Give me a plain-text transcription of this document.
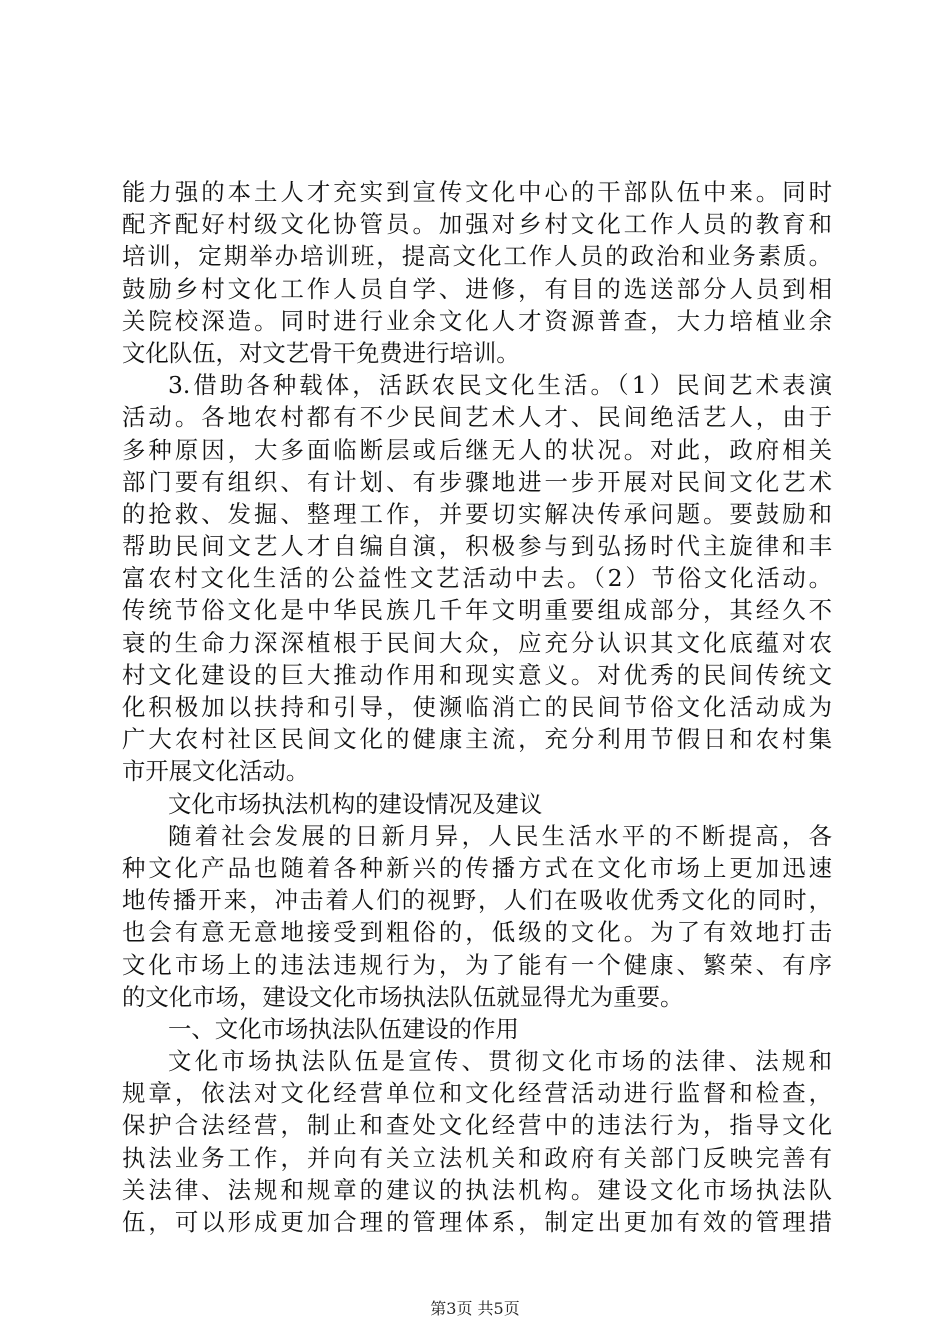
能力强的本土人才充实到宣传文化中心的干部队伍中来。同时
配齐配好村级文化协管员。加强对乡村文化工作人员的教育和
培训，定期举办培训班，提高文化工作人员的政治和业务素质。
鼓励乡村文化工作人员自学、进修，有目的选送部分人员到相
关院校深造。同时进行业余文化人才资源普查，大力培植业余
文化队伍，对文艺骨干免费进行培训。
3.借助各种载体，活跃农民文化生活。（1）民间艺术表演
活动。各地农村都有不少民间艺术人才、民间绝活艺人，由于
多种原因，大多面临断层或后继无人的状况。对此，政府相关
部门要有组织、有计划、有步骤地进一步开展对民间文化艺术
的抢救、发掘、整理工作，并要切实解决传承问题。要鼓励和
帮助民间文艺人才自编自演，积极参与到弘扬时代主旋律和丰
富农村文化生活的公益性文艺活动中去。（2）节俗文化活动。
传统节俗文化是中华民族几千年文明重要组成部分，其经久不
衰的生命力深深植根于民间大众，应充分认识其文化底蕴对农
村文化建设的巨大推动作用和现实意义。对优秀的民间传统文
化积极加以扶持和引导，使濒临消亡的民间节俗文化活动成为
广大农村社区民间文化的健康主流，充分利用节假日和农村集
市开展文化活动。
文化市场执法机构的建设情况及建议
随着社会发展的日新月异，人民生活水平的不断提高，各
种文化产品也随着各种新兴的传播方式在文化市场上更加迅速
地传播开来，冲击着人们的视野，人们在吸收优秀文化的同时，
也会有意无意地接受到粗俗的，低级的文化。为了有效地打击
文化市场上的违法违规行为，为了能有一个健康、繁荣、有序
的文化市场，建设文化市场执法队伍就显得尤为重要。
一、文化市场执法队伍建设的作用
文化市场执法队伍是宣传、贯彻文化市场的法律、法规和
规章，依法对文化经营单位和文化经营活动进行监督和检查，
保护合法经营，制止和查处文化经营中的违法行为，指导文化
执法业务工作，并向有关立法机关和政府有关部门反映完善有
关法律、法规和规章的建议的执法机构。建设文化市场执法队
伍，可以形成更加合理的管理体系，制定出更加有效的管理措
第3页 共5页
